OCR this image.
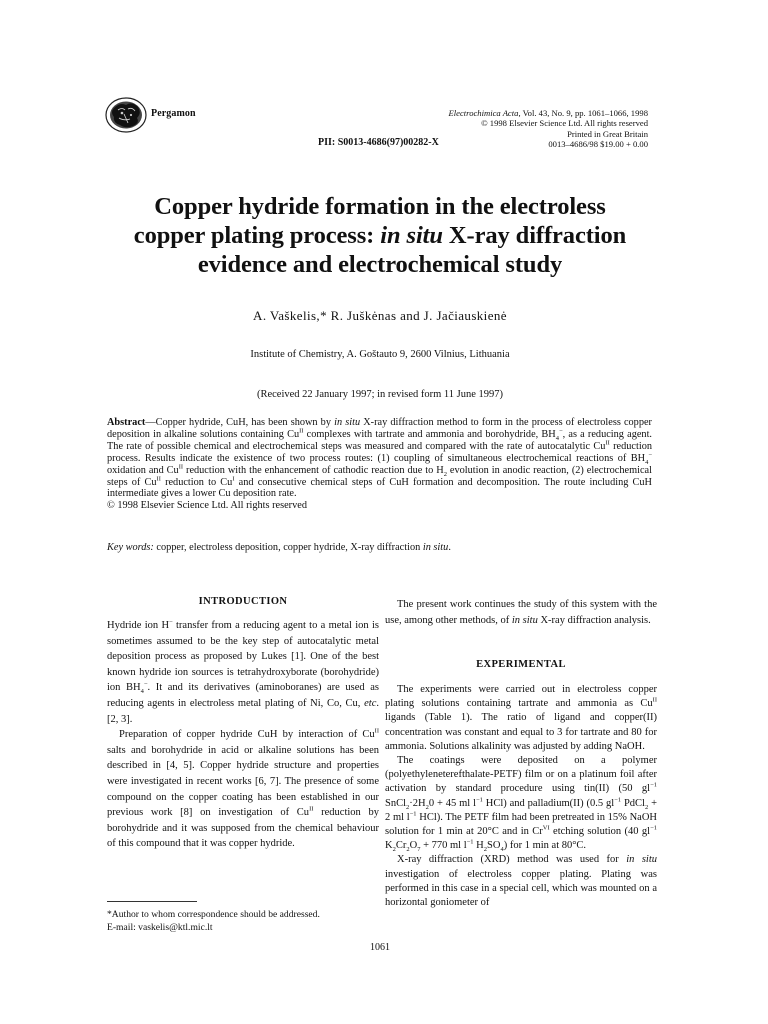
Pergamon	Electrochimica Acta, Vol. 43, No. 9, pp. 1061–1066, 1998
© 1998 Elsevier Science Ltd. All rights reserved
Printed in Great Britain
0013–4686/98 $19.00 + 0.00
PII: S0013-4686(97)00282-X
Copper hydride formation in the electroless
copper plating process: in situ X-ray diffraction
evidence and electrochemical study
A. Vaškelis,* R. Juškėnas and J. Jačiauskienė
Institute of Chemistry, A. Goštauto 9, 2600 Vilnius, Lithuania
(Received 22 January 1997; in revised form 11 June 1997)
Abstract—Copper hydride, CuH, has been shown by in situ X-ray diffraction method to form in the process of electroless copper deposition in alkaline solutions containing $Cu^{II}$ complexes with tartrate and ammonia and borohydride, $BH_4^-$, as a reducing agent. The rate of possible chemical and electrochemical steps was measured and compared with the rate of autocatalytic $Cu^{II}$ reduction process. Results indicate the existence of two process routes: (1) coupling of simultaneous electrochemical reactions of $BH_4^-$ oxidation and $Cu^{II}$ reduction with the enhancement of cathodic reaction due to $H_2$ evolution in anodic reaction, (2) electrochemical steps of $Cu^{II}$ reduction to $Cu^I$ and consecutive chemical steps of CuH formation and decomposition. The route including CuH intermediate gives a lower Cu deposition rate.
© 1998 Elsevier Science Ltd. All rights reserved
Key words: copper, electroless deposition, copper hydride, X-ray diffraction in situ.
INTRODUCTION

Hydride ion H− transfer from a reducing agent to a metal ion is sometimes assumed to be the key step of autocatalytic metal deposition process as proposed by Lukes [1]. One of the best known hydride ion sources is tetrahydroxyborate (borohydride) ion $BH_4^-$. It and its derivatives (aminoboranes) are used as reducing agents in electroless metal plating of Ni, Co, Cu, etc. [2, 3].

Preparation of copper hydride CuH by interaction of $Cu^{II}$ salts and borohydride in acid or alkaline solutions has been described in [4, 5]. Copper hydride structure and properties were investigated in recent works [6, 7]. The presence of some compound on the copper coating has been established in our previous work [8] on investigation of $Cu^{II}$ reduction by borohydride and it was supposed from the chemical behaviour of this compound that it was copper hydride.

*Author to whom correspondence should be addressed.
E-mail: vaskelis@ktl.mic.lt

The present work continues the study of this system with the use, among other methods, of in situ X-ray diffraction analysis.

EXPERIMENTAL

The experiments were carried out in electroless copper plating solutions containing tartrate and ammonia as $Cu^{II}$ ligands (Table 1). The ratio of ligand and copper(II) concentration was constant and equal to 3 for tartrate and 80 for ammonia. Solutions alkalinity was adjusted by adding NaOH.

The coatings were deposited on a polymer (polyethyleneterefthalate-PETF) film or on a platinum foil after activation by standard procedure using tin(II) (50 $gl^{-1}$ $SnCl_2\cdot 2H_20 + 45$ ml $l^{-1}$ HCl) and palladium(II) (0.5 $gl^{-1}$ PdCl$_2$ + 2 ml $l^{-1}$ HCl). The PETF film had been pretreated in 15% NaOH solution for 1 min at 20°C and in $Cr^{VI}$ etching solution (40 $gl^{-1}$ $K_2Cr_2O_7 + 770$ ml $l^{-1}$ $H_2SO_4$) for 1 min at 80°C.

X-ray diffraction (XRD) method was used for in situ investigation of electroless copper plating. Plating was performed in this case in a special cell, which was mounted on a horizontal goniometer of

1061
